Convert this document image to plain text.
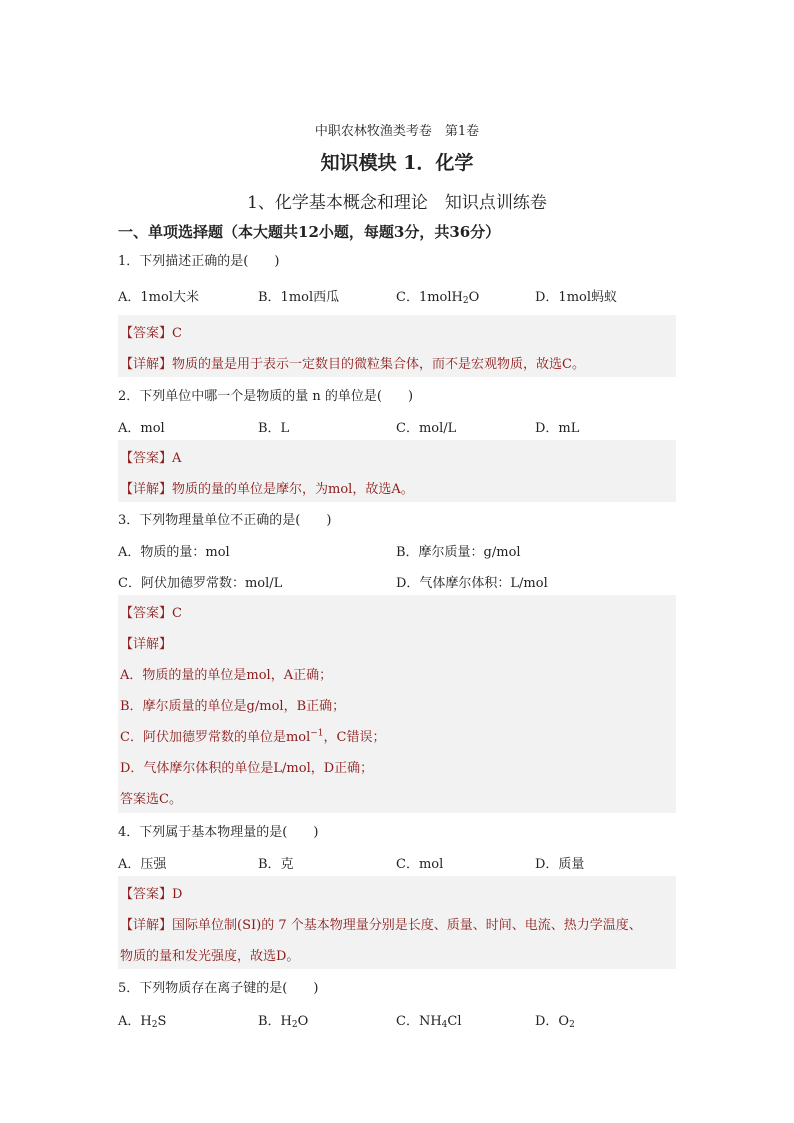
中职农林牧渔类考卷　第1卷
知识模块 1．化学
1、化学基本概念和理论　知识点训练卷
一、单项选择题（本大题共12小题，每题3分，共36分）
1．下列描述正确的是(　　)
A．1mol大米	B．1mol西瓜	C．1molH$_2$O	D．1mol蚂蚁
【答案】C
【详解】物质的量是用于表示一定数目的微粒集合体，而不是宏观物质，故选C。
2．下列单位中哪一个是物质的量 n 的单位是(　　)
A．mol	B．L	C．mol/L	D．mL
【答案】A
【详解】物质的量的单位是摩尔，为mol，故选A。
3．下列物理量单位不正确的是(　　)
A．物质的量：mol	B．摩尔质量：g/mol
C．阿伏加德罗常数：mol/L	D．气体摩尔体积：L/mol
【答案】C
【详解】
A．物质的量的单位是mol，A正确；
B．摩尔质量的单位是g/mol，B正确；
C．阿伏加德罗常数的单位是mol$^{-1}$，C错误；
D．气体摩尔体积的单位是L/mol，D正确；
答案选C。
4．下列属于基本物理量的是(　　)
A．压强	B．克	C．mol	D．质量
【答案】D
【详解】国际单位制(SI)的 7 个基本物理量分别是长度、质量、时间、电流、热力学温度、
物质的量和发光强度，故选D。
5．下列物质存在离子键的是(　　)
A．$H_2S$	B．$H_2O$	C．$NH_4Cl$	D．$O_2$
